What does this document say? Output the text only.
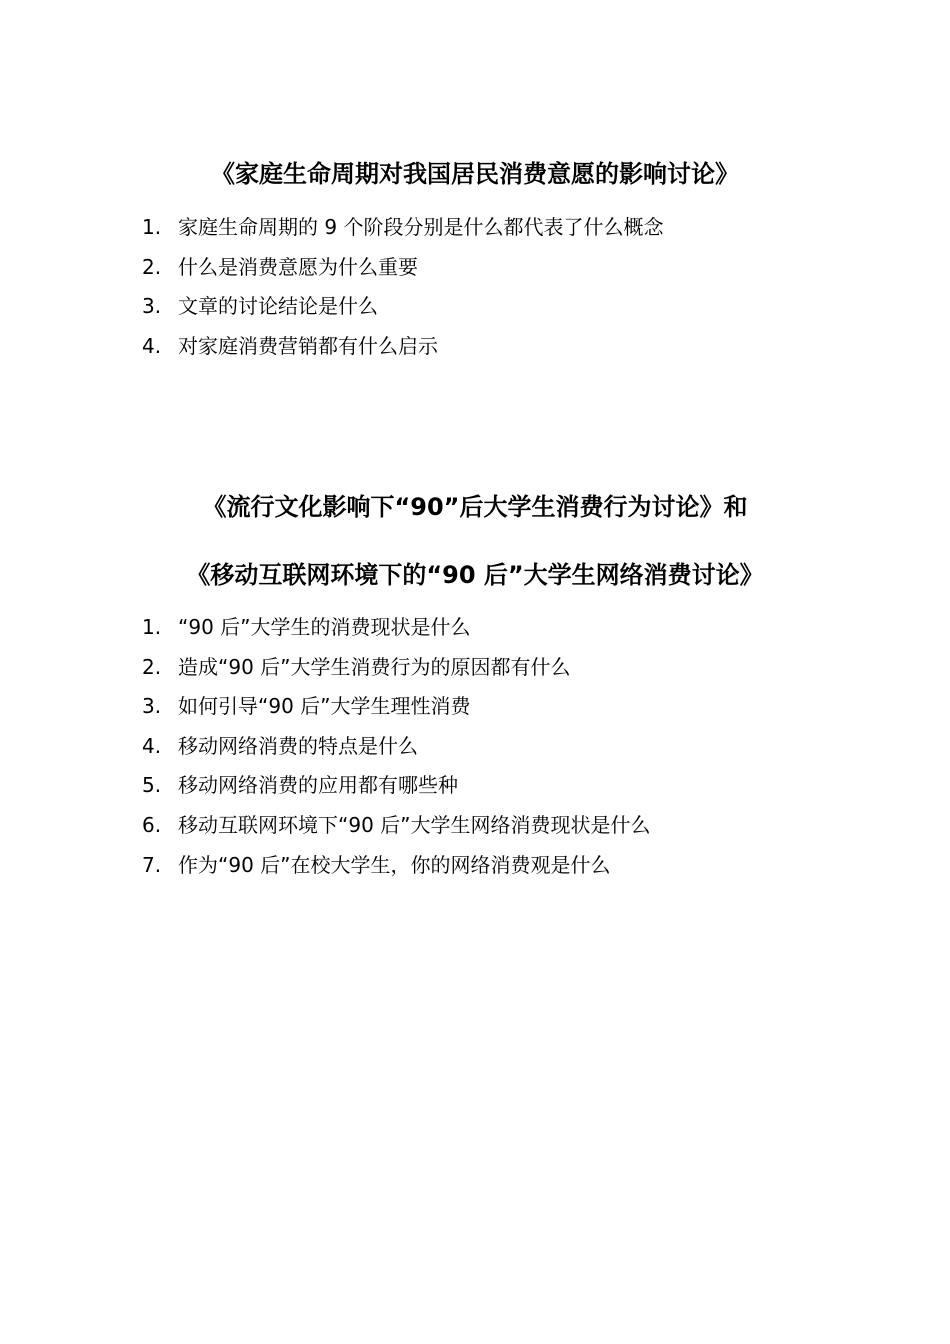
《家庭生命周期对我国居民消费意愿的影响讨论》
1. 家庭生命周期的 9 个阶段分别是什么都代表了什么概念
2. 什么是消费意愿为什么重要
3. 文章的讨论结论是什么
4. 对家庭消费营销都有什么启示
《流行文化影响下“90”后大学生消费行为讨论》和
《移动互联网环境下的“90 后”大学生网络消费讨论》
1. “90 后”大学生的消费现状是什么
2. 造成“90 后”大学生消费行为的原因都有什么
3. 如何引导“90 后”大学生理性消费
4. 移动网络消费的特点是什么
5. 移动网络消费的应用都有哪些种
6. 移动互联网环境下“90 后”大学生网络消费现状是什么
7. 作为“90 后”在校大学生，你的网络消费观是什么
